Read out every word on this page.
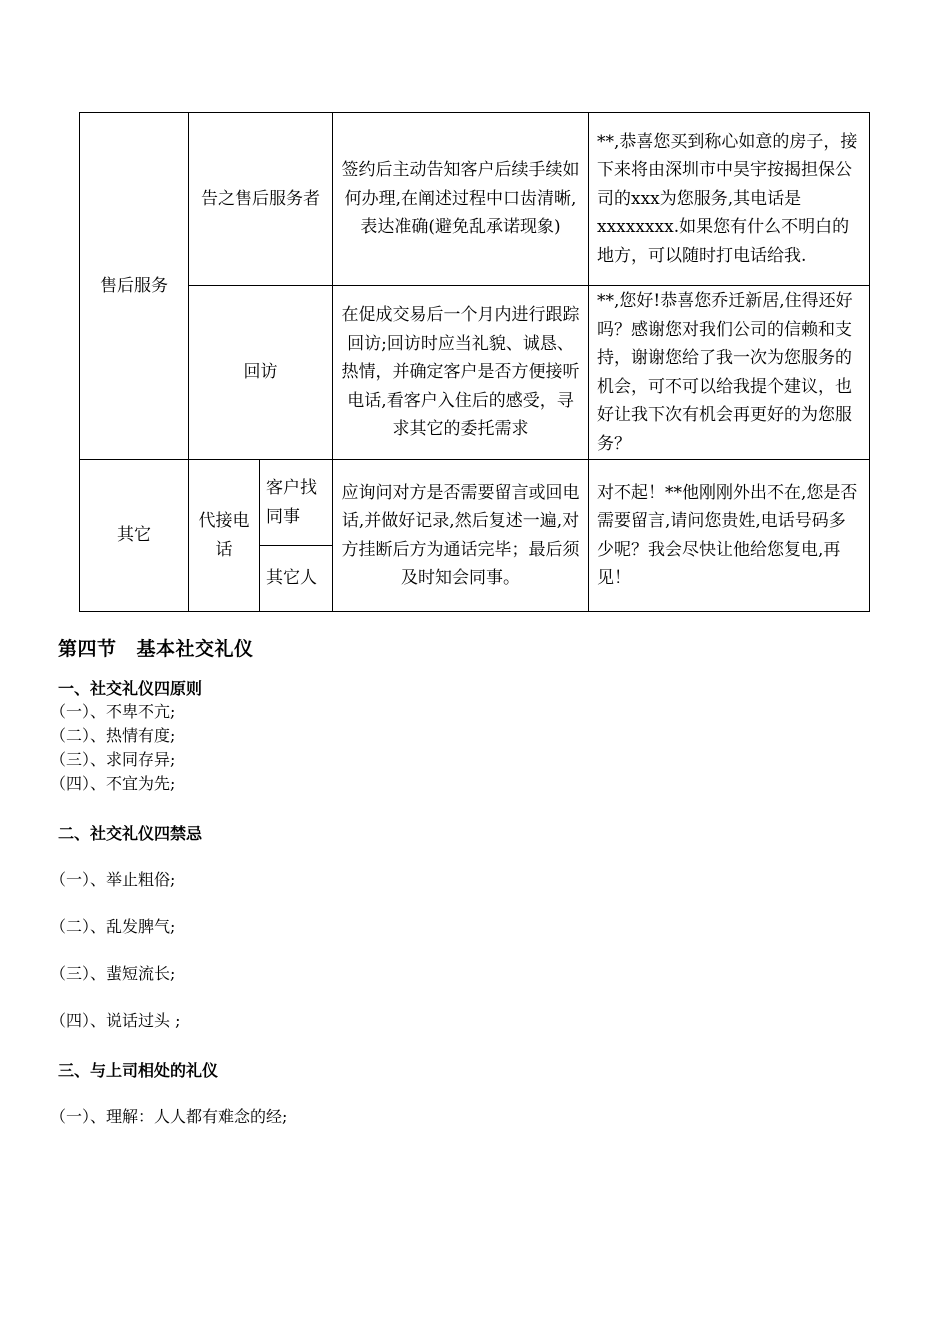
售后服务	告之售后服务者		签约后主动告知客户后续手续如何办理,在阐述过程中口齿清晰,表达准确(避免乱承诺现象)	**,恭喜您买到称心如意的房子，接下来将由深圳市中昊宇按揭担保公司的xxx为您服务,其电话是xxxxxxxx.如果您有什么不明白的地方，可以随时打电话给我.
	回访		在促成交易后一个月内进行跟踪回访;回访时应当礼貌、诚恳、热情，并确定客户是否方便接听电话,看客户入住后的感受，寻求其它的委托需求	**,您好!恭喜您乔迁新居,住得还好吗？感谢您对我们公司的信赖和支持，谢谢您给了我一次为您服务的机会，可不可以给我提个建议，也好让我下次有机会再更好的为您服务？
其它	代接电话	客户找同事	应询问对方是否需要留言或回电话,并做好记录,然后复述一遍,对方挂断后方为通话完毕；最后须及时知会同事。	对不起！**他刚刚外出不在,您是否需要留言,请问您贵姓,电话号码多少呢？我会尽快让他给您复电,再见！
		其它人		
第四节 基本社交礼仪
一、社交礼仪四原则

（一）、不卑不亢;

（二）、热情有度;

（三）、求同存异;

（四）、不宜为先;

二、社交礼仪四禁忌

（一）、举止粗俗;

（二）、乱发脾气;

（三）、蜚短流长;

（四）、说话过头 ;

三、与上司相处的礼仪

（一）、理解：人人都有难念的经;
